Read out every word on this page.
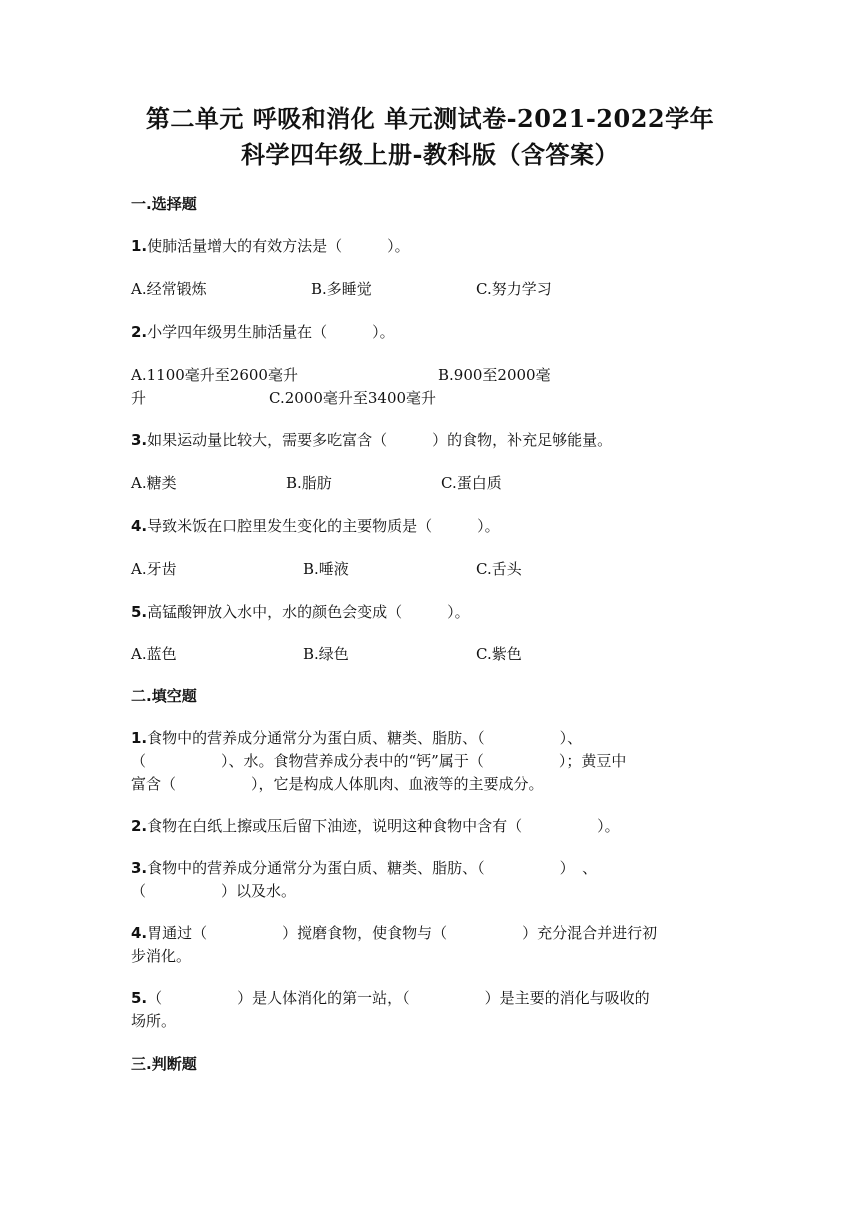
第二单元 呼吸和消化 单元测试卷-2021-2022学年
科学四年级上册-教科版（含答案）
一.选择题
1.使肺活量增大的有效方法是（　　　）。
A.经常锻炼	B.多睡觉	C.努力学习
2.小学四年级男生肺活量在（　　　）。
A.1100毫升至2600毫升	B.900至2000毫
升	C.2000毫升至3400毫升
3.如果运动量比较大，需要多吃富含（　　　）的食物，补充足够能量。
A.糖类	B.脂肪	C.蛋白质
4.导致米饭在口腔里发生变化的主要物质是（　　　）。
A.牙齿	B.唾液	C.舌头
5.高锰酸钾放入水中，水的颜色会变成（　　　）。
A.蓝色	B.绿色	C.紫色
二.填空题
1.食物中的营养成分通常分为蛋白质、糖类、脂肪、（　　　　　）、
（　　　　　）、水。食物营养成分表中的“钙”属于（　　　　　）；黄豆中
富含（　　　　　），它是构成人体肌肉、血液等的主要成分。
2.食物在白纸上擦或压后留下油迹，说明这种食物中含有（　　　　　）。
3.食物中的营养成分通常分为蛋白质、糖类、脂肪、（　　　　　）　、
（　　　　　）以及水。
4.胃通过（　　　　　）搅磨食物，使食物与（　　　　　）充分混合并进行初
步消化。
5.（　　　　　）是人体消化的第一站，（　　　　　）是主要的消化与吸收的
场所。
三.判断题
